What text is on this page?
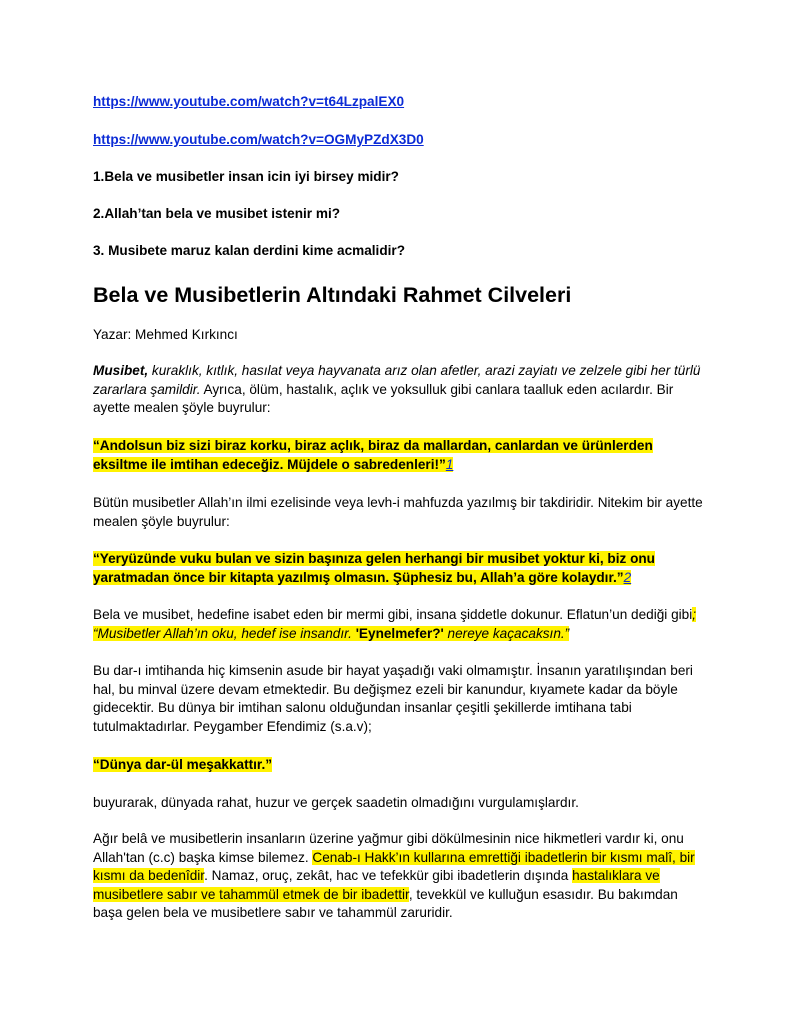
https://www.youtube.com/watch?v=t64LzpalEX0
https://www.youtube.com/watch?v=OGMyPZdX3D0
1.Bela ve musibetler insan icin iyi birsey midir?
2.Allah’tan bela ve musibet istenir mi?
3. Musibete maruz kalan derdini kime acmalidir?
Bela ve Musibetlerin Altındaki Rahmet Cilveleri
Yazar: Mehmed Kırkıncı

Musibet, kuraklık, kıtlık, hasılat veya hayvanata arız olan afetler, arazi zayiatı ve zelzele gibi her türlü zararlara şamildir. Ayrıca, ölüm, hastalık, açlık ve yoksulluk gibi canlara taalluk eden acılardır. Bir ayette mealen şöyle buyrulur:

“Andolsun biz sizi biraz korku, biraz açlık, biraz da mallardan, canlardan ve ürünlerden eksiltme ile imtihan edeceğiz. Müjdele o sabredenleri!”1

Bütün musibetler Allah’ın ilmi ezelisinde veya levh-i mahfuzda yazılmış bir takdiridir. Nitekim bir ayette mealen şöyle buyrulur:

“Yeryüzünde vuku bulan ve sizin başınıza gelen herhangi bir musibet yoktur ki, biz onu yaratmadan önce bir kitapta yazılmış olmasın. Şüphesiz bu, Allah’a göre kolaydır.”2

Bela ve musibet, hedefine isabet eden bir mermi gibi, insana şiddetle dokunur. Eflatun’un dediği gibi; “Musibetler Allah’ın oku, hedef ise insandır. 'Eynelmefer?' nereye kaçacaksın.”

Bu dar-ı imtihanda hiç kimsenin asude bir hayat yaşadığı vaki olmamıştır. İnsanın yaratılışından beri hal, bu minval üzere devam etmektedir. Bu değişmez ezeli bir kanundur, kıyamete kadar da böyle gidecektir. Bu dünya bir imtihan salonu olduğundan insanlar çeşitli şekillerde imtihana tabi tutulmaktadırlar. Peygamber Efendimiz (s.a.v);

“Dünya dar-ül meşakkattır.”

buyurarak, dünyada rahat, huzur ve gerçek saadetin olmadığını vurgulamışlardır.

Ağır belâ ve musibetlerin insanların üzerine yağmur gibi dökülmesinin nice hikmetleri vardır ki, onu Allah'tan (c.c) başka kimse bilemez. Cenab-ı Hakk’ın kullarına emrettiği ibadetlerin bir kısmı malî, bir kısmı da bedenîdir. Namaz, oruç, zekât, hac ve tefekkür gibi ibadetlerin dışında hastalıklara ve musibetlere sabır ve tahammül etmek de bir ibadettir, tevekkül ve kulluğun esasıdır. Bu bakımdan başa gelen bela ve musibetlere sabır ve tahammül zaruridir.
